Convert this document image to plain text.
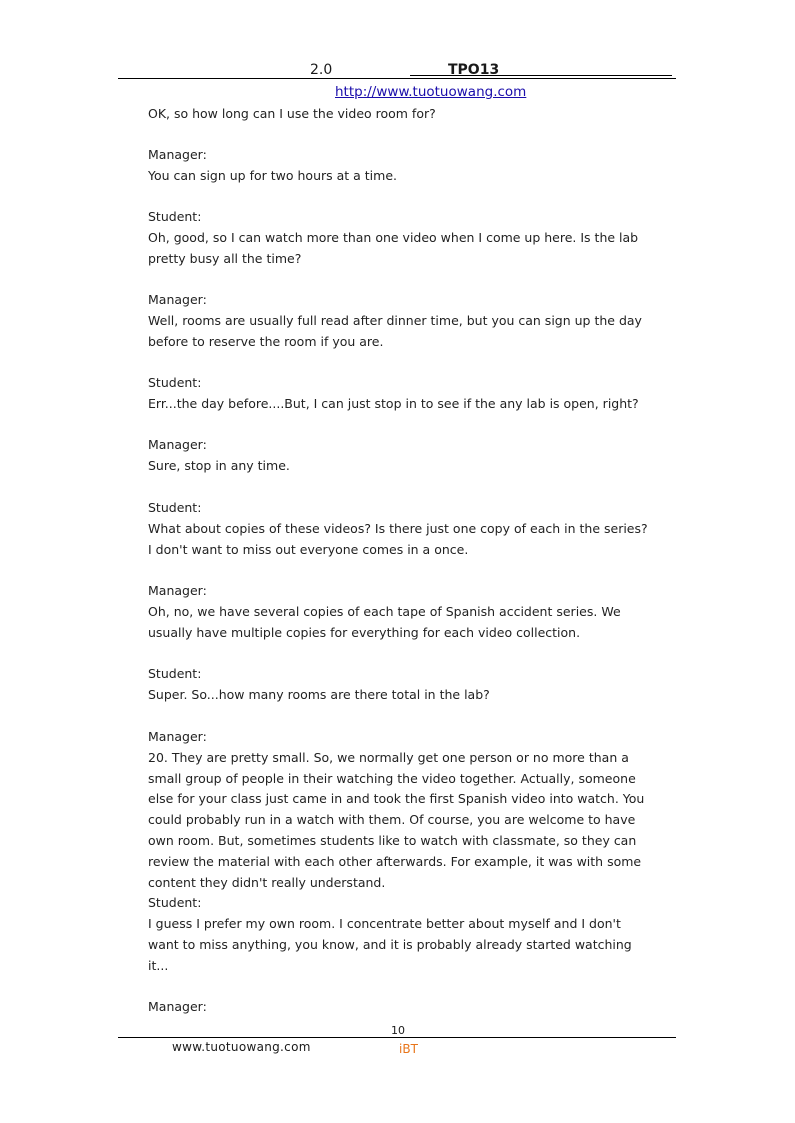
2.0	TPO13
http://www.tuotuowang.com
OK, so how long can I use the video room for?
Manager:
You can sign up for two hours at a time.
Student:
Oh, good, so I can watch more than one video when I come up here. Is the lab
pretty busy all the time?
Manager:
Well, rooms are usually full read after dinner time, but you can sign up the day
before to reserve the room if you are.
Student:
Err...the day before....But, I can just stop in to see if the any lab is open, right?
Manager:
Sure, stop in any time.
Student:
What about copies of these videos? Is there just one copy of each in the series?
I don't want to miss out everyone comes in a once.
Manager:
Oh, no, we have several copies of each tape of Spanish accident series. We
usually have multiple copies for everything for each video collection.
Student:
Super. So...how many rooms are there total in the lab?
Manager:
20. They are pretty small. So, we normally get one person or no more than a
small group of people in their watching the video together. Actually, someone
else for your class just came in and took the first Spanish video into watch. You
could probably run in a watch with them. Of course, you are welcome to have
own room. But, sometimes students like to watch with classmate, so they can
review the material with each other afterwards. For example, it was with some
content they didn't really understand.
Student:
I guess I prefer my own room. I concentrate better about myself and I don't
want to miss anything, you know, and it is probably already started watching
it...
Manager:
10
www.tuotuowang.com	iBT
